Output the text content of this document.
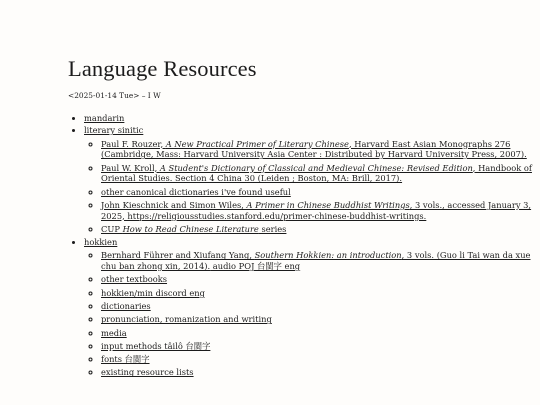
Language Resources
<2025-01-14 Tue> – I W
• mandarin
• literary sinitic
◦ Paul F. Rouzer, A New Practical Primer of Literary Chinese, Harvard East Asian Monographs 276 (Cambridge, Mass: Harvard University Asia Center : Distributed by Harvard University Press, 2007).
◦ Paul W. Kroll, A Student's Dictionary of Classical and Medieval Chinese: Revised Edition, Handbook of Oriental Studies. Section 4 China 30 (Leiden ; Boston, MA: Brill, 2017).
◦ other canonical dictionaries i've found useful
◦ John Kieschnick and Simon Wiles, A Primer in Chinese Buddhist Writings, 3 vols., accessed January 3, 2025, https://religiousstudies.stanford.edu/primer-chinese-buddhist-writings.
◦ CUP How to Read Chinese Literature series
• hokkien
◦ Bernhard Führer and Xiufang Yang, Southern Hokkien: an introduction, 3 vols. (Guo li Tai wan da xue chu ban zhong xin, 2014). audio POJ 台閩字 eng
◦ other textbooks
◦ hokkien/min discord eng
◦ dictionaries
◦ pronunciation, romanization and writing
◦ media
◦ input methods tâilô 台閩字
◦ fonts 台閩字
◦ existing resource lists
